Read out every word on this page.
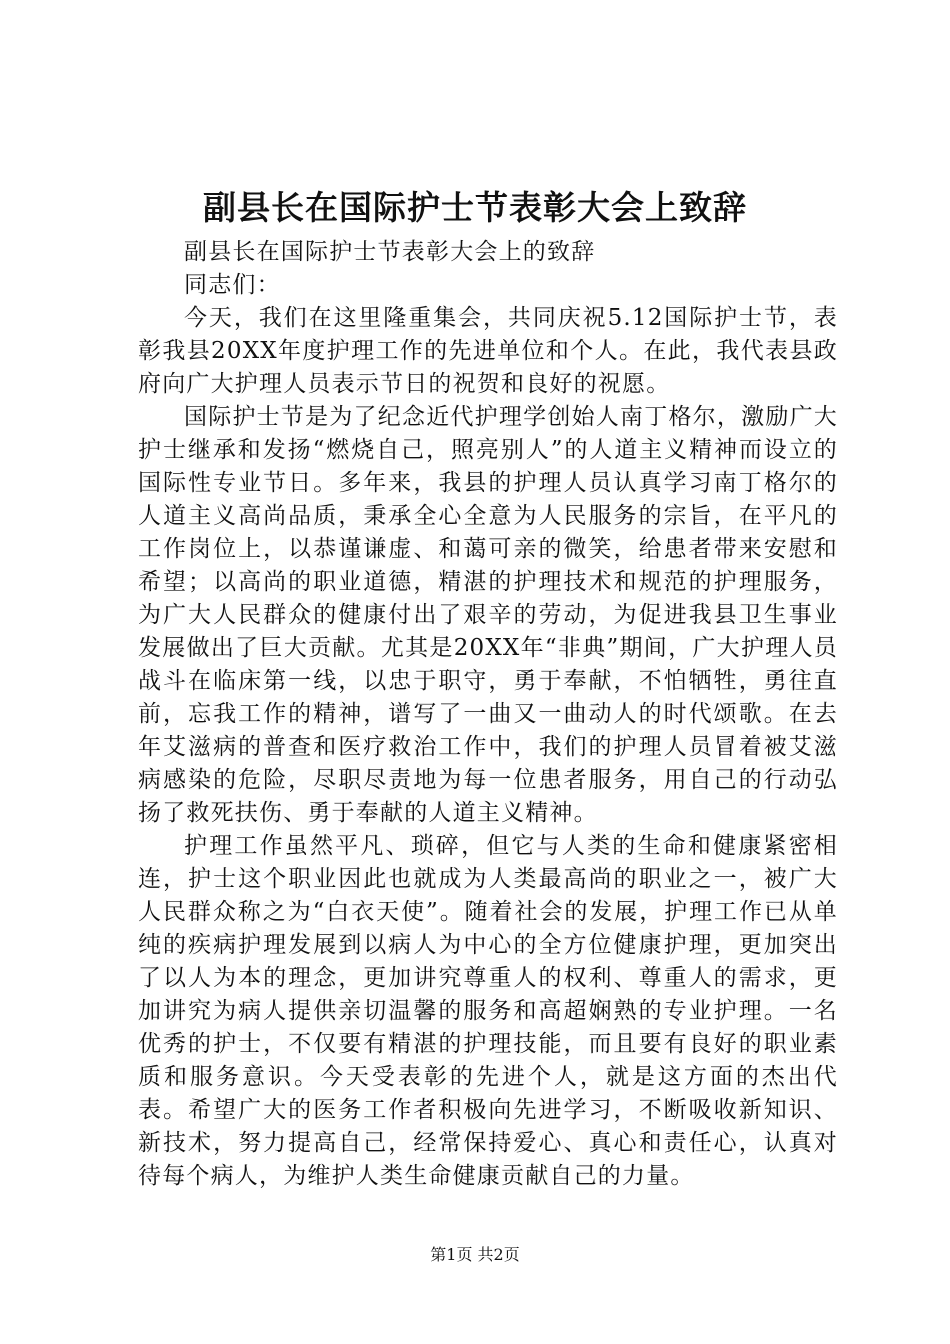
副县长在国际护士节表彰大会上致辞

副县长在国际护士节表彰大会上的致辞

同志们：

今天，我们在这里隆重集会，共同庆祝5.12国际护士节，表彰我县20XX年度护理工作的先进单位和个人。在此，我代表县政府向广大护理人员表示节日的祝贺和良好的祝愿。

国际护士节是为了纪念近代护理学创始人南丁格尔，激励广大护士继承和发扬“燃烧自己，照亮别人”的人道主义精神而设立的国际性专业节日。多年来，我县的护理人员认真学习南丁格尔的人道主义高尚品质，秉承全心全意为人民服务的宗旨，在平凡的工作岗位上，以恭谨谦虚、和蔼可亲的微笑，给患者带来安慰和希望；以高尚的职业道德，精湛的护理技术和规范的护理服务，为广大人民群众的健康付出了艰辛的劳动，为促进我县卫生事业发展做出了巨大贡献。尤其是20XX年“非典”期间，广大护理人员战斗在临床第一线，以忠于职守，勇于奉献，不怕牺牲，勇往直前，忘我工作的精神，谱写了一曲又一曲动人的时代颂歌。在去年艾滋病的普查和医疗救治工作中，我们的护理人员冒着被艾滋病感染的危险，尽职尽责地为每一位患者服务，用自己的行动弘扬了救死扶伤、勇于奉献的人道主义精神。

护理工作虽然平凡、琐碎，但它与人类的生命和健康紧密相连，护士这个职业因此也就成为人类最高尚的职业之一，被广大人民群众称之为“白衣天使”。随着社会的发展，护理工作已从单纯的疾病护理发展到以病人为中心的全方位健康护理，更加突出了以人为本的理念，更加讲究尊重人的权利、尊重人的需求，更加讲究为病人提供亲切温馨的服务和高超娴熟的专业护理。一名优秀的护士，不仅要有精湛的护理技能，而且要有良好的职业素质和服务意识。今天受表彰的先进个人，就是这方面的杰出代表。希望广大的医务工作者积极向先进学习，不断吸收新知识、新技术，努力提高自己，经常保持爱心、真心和责任心，认真对待每个病人，为维护人类生命健康贡献自己的力量。

第1页 共2页
